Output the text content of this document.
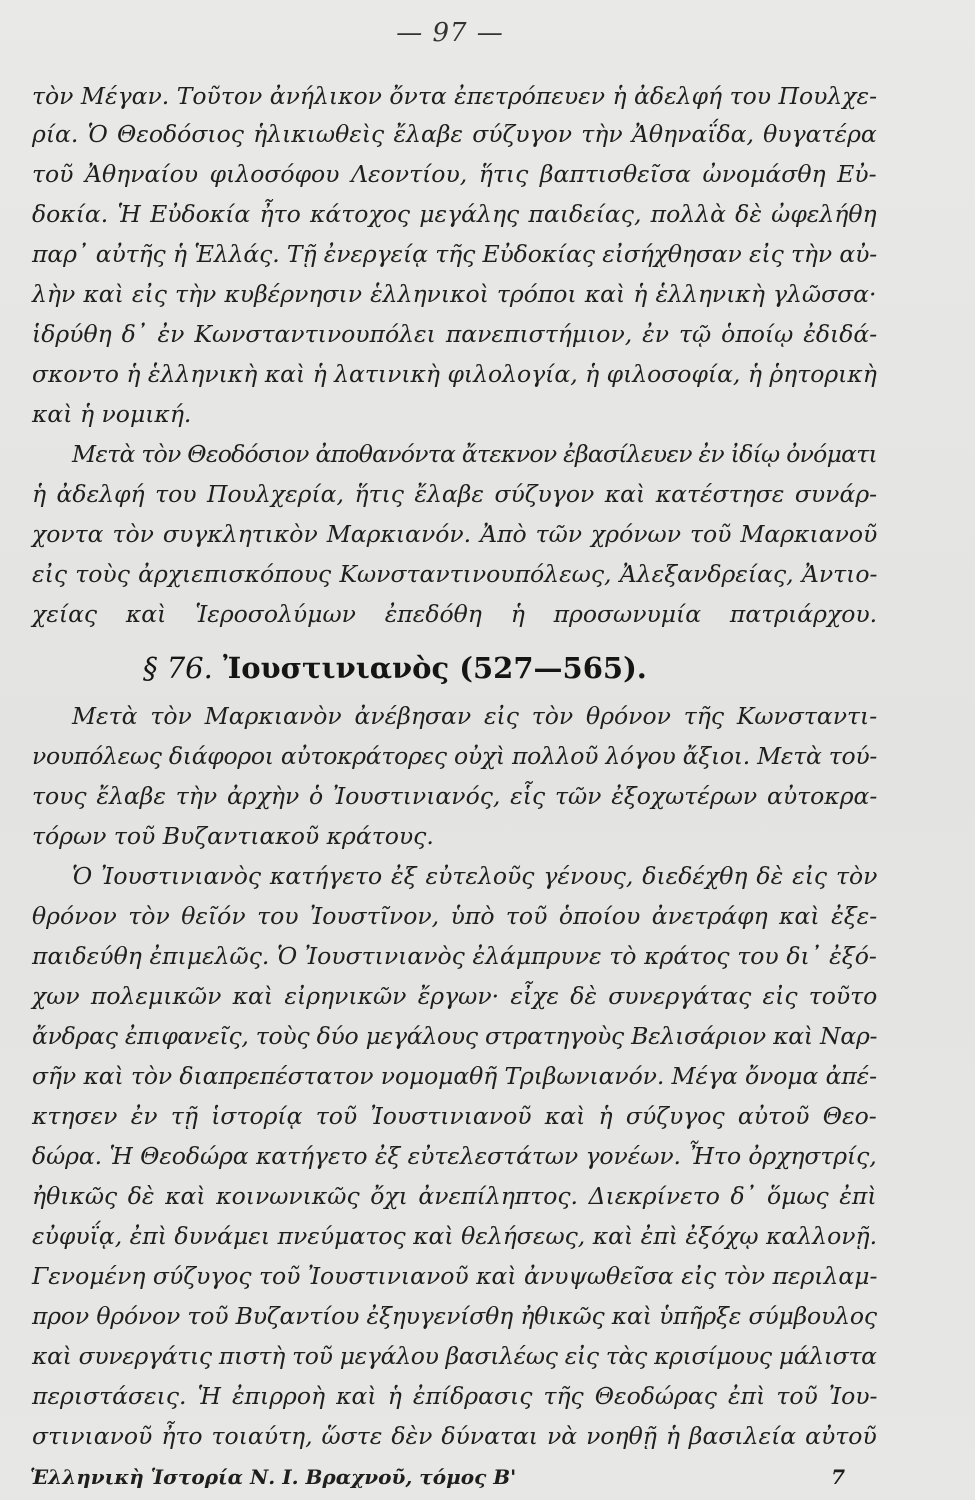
— 97 —
τὸν Μέγαν. Τοῦτον ἀνήλικον ὄντα ἐπετρόπευεν ἡ ἀδελφή του Πουλχε-
ρία. Ὁ Θεοδόσιος ἡλικιωθεὶς ἔλαβε σύζυγον τὴν Ἀθηναΐδα, θυγατέρα
τοῦ Ἀθηναίου φιλοσόφου Λεοντίου, ἥτις βαπτισθεῖσα ὠνομάσθη Εὐ-
δοκία. Ἡ Εὐδοκία ἦτο κάτοχος μεγάλης παιδείας, πολλὰ δὲ ὠφελήθη
παρ᾽ αὐτῆς ἡ Ἑλλάς. Τῇ ἐνεργείᾳ τῆς Εὐδοκίας εἰσήχθησαν εἰς τὴν αὐ-
λὴν καὶ εἰς τὴν κυβέρνησιν ἑλληνικοὶ τρόποι καὶ ἡ ἑλληνικὴ γλῶσσα·
ἱδρύθη δ᾽ ἐν Κωνσταντινουπόλει πανεπιστήμιον, ἐν τῷ ὁποίῳ ἐδιδά-
σκοντο ἡ ἑλληνικὴ καὶ ἡ λατινικὴ φιλολογία, ἡ φιλοσοφία, ἡ ῥητορικὴ
καὶ ἡ νομική.
Μετὰ τὸν Θεοδόσιον ἀποθανόντα ἄτεκνον ἐβασίλευεν ἐν ἰδίῳ ὀνόματι
ἡ ἀδελφή του Πουλχερία, ἥτις ἔλαβε σύζυγον καὶ κατέστησε συνάρ-
χοντα τὸν συγκλητικὸν Μαρκιανόν. Ἀπὸ τῶν χρόνων τοῦ Μαρκιανοῦ
εἰς τοὺς ἀρχιεπισκόπους Κωνσταντινουπόλεως, Ἀλεξανδρείας, Ἀντιο-
χείας καὶ Ἱεροσολύμων ἐπεδόθη ἡ προσωνυμία πατριάρχου.
§ 76. Ἰουστινιανὸς (527—565).
Μετὰ τὸν Μαρκιανὸν ἀνέβησαν εἰς τὸν θρόνον τῆς Κωνσταντι-
νουπόλεως διάφοροι αὐτοκράτορες οὐχὶ πολλοῦ λόγου ἄξιοι. Μετὰ τού-
τους ἔλαβε τὴν ἀρχὴν ὁ Ἰουστινιανός, εἷς τῶν ἐξοχωτέρων αὐτοκρα-
τόρων τοῦ Βυζαντιακοῦ κράτους.
Ὁ Ἰουστινιανὸς κατήγετο ἐξ εὐτελοῦς γένους, διεδέχθη δὲ εἰς τὸν
θρόνον τὸν θεῖόν του Ἰουστῖνον, ὑπὸ τοῦ ὁποίου ἀνετράφη καὶ ἐξε-
παιδεύθη ἐπιμελῶς. Ὁ Ἰουστινιανὸς ἐλάμπρυνε τὸ κράτος του δι᾽ ἐξό-
χων πολεμικῶν καὶ εἰρηνικῶν ἔργων· εἶχε δὲ συνεργάτας εἰς τοῦτο
ἄνδρας ἐπιφανεῖς, τοὺς δύο μεγάλους στρατηγοὺς Βελισάριον καὶ Ναρ-
σῆν καὶ τὸν διαπρεπέστατον νομομαθῆ Τριβωνιανόν. Μέγα ὄνομα ἀπέ-
κτησεν ἐν τῇ ἱστορίᾳ τοῦ Ἰουστινιανοῦ καὶ ἡ σύζυγος αὐτοῦ Θεο-
δώρα. Ἡ Θεοδώρα κατήγετο ἐξ εὐτελεστάτων γονέων. Ἦτο ὀρχηστρίς,
ἠθικῶς δὲ καὶ κοινωνικῶς ὄχι ἀνεπίληπτος. Διεκρίνετο δ᾽ ὅμως ἐπὶ
εὐφυΐᾳ, ἐπὶ δυνάμει πνεύματος καὶ θελήσεως, καὶ ἐπὶ ἐξόχῳ καλλονῇ.
Γενομένη σύζυγος τοῦ Ἰουστινιανοῦ καὶ ἀνυψωθεῖσα εἰς τὸν περιλαμ-
προν θρόνον τοῦ Βυζαντίου ἐξηυγενίσθη ἠθικῶς καὶ ὑπῆρξε σύμβουλος
καὶ συνεργάτις πιστὴ τοῦ μεγάλου βασιλέως εἰς τὰς κρισίμους μάλιστα
περιστάσεις. Ἡ ἐπιρροὴ καὶ ἡ ἐπίδρασις τῆς Θεοδώρας ἐπὶ τοῦ Ἰου-
στινιανοῦ ἦτο τοιαύτη, ὥστε δὲν δύναται νὰ νοηθῇ ἡ βασιλεία αὐτοῦ
Ἑλληνικὴ Ἱστορία Ν. Ι. Βραχνοῦ, τόμος Β'	7
